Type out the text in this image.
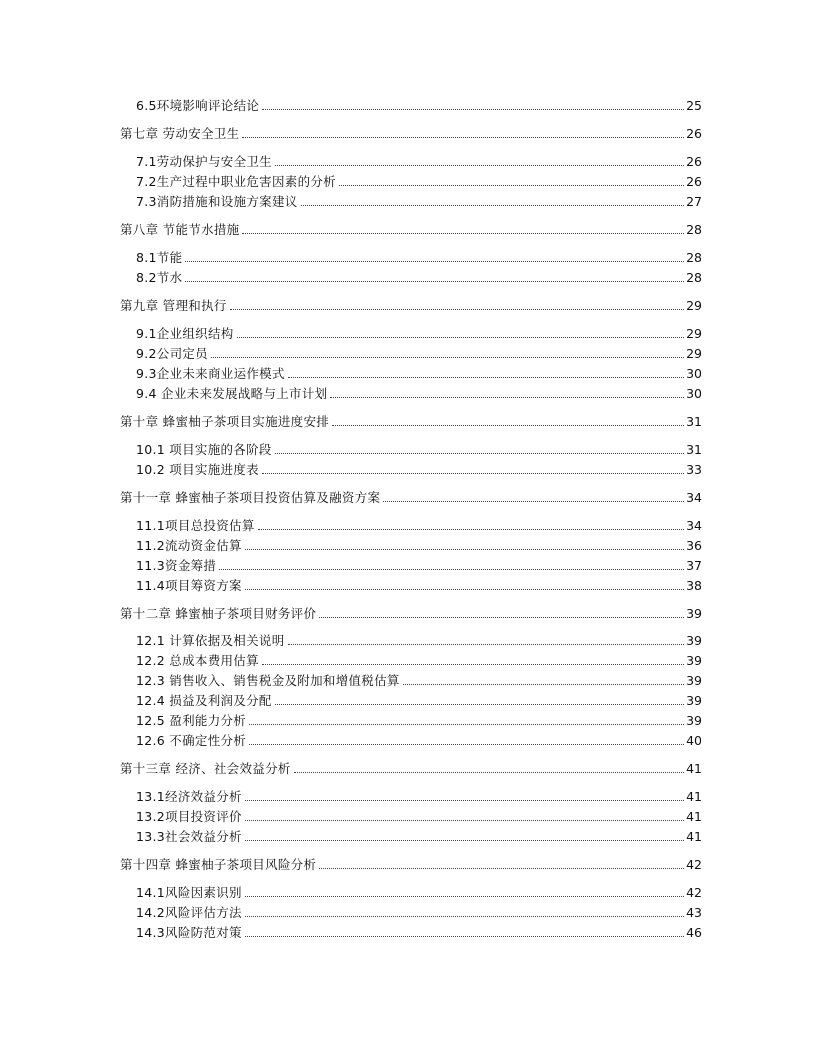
6.5环境影响评论结论	25
第七章 劳动安全卫生	26
7.1劳动保护与安全卫生	26
7.2生产过程中职业危害因素的分析	26
7.3消防措施和设施方案建议	27
第八章 节能节水措施	28
8.1节能	28
8.2节水	28
第九章 管理和执行	29
9.1企业组织结构	29
9.2公司定员	29
9.3企业未来商业运作模式	30
9.4 企业未来发展战略与上市计划	30
第十章 蜂蜜柚子茶项目实施进度安排	31
10.1 项目实施的各阶段	31
10.2 项目实施进度表	33
第十一章 蜂蜜柚子茶项目投资估算及融资方案	34
11.1项目总投资估算	34
11.2流动资金估算	36
11.3资金筹措	37
11.4项目筹资方案	38
第十二章 蜂蜜柚子茶项目财务评价	39
12.1 计算依据及相关说明	39
12.2 总成本费用估算	39
12.3 销售收入、销售税金及附加和增值税估算	39
12.4 损益及利润及分配	39
12.5 盈利能力分析	39
12.6 不确定性分析	40
第十三章 经济、社会效益分析	41
13.1经济效益分析	41
13.2项目投资评价	41
13.3社会效益分析	41
第十四章 蜂蜜柚子茶项目风险分析	42
14.1风险因素识别	42
14.2风险评估方法	43
14.3风险防范对策	46
